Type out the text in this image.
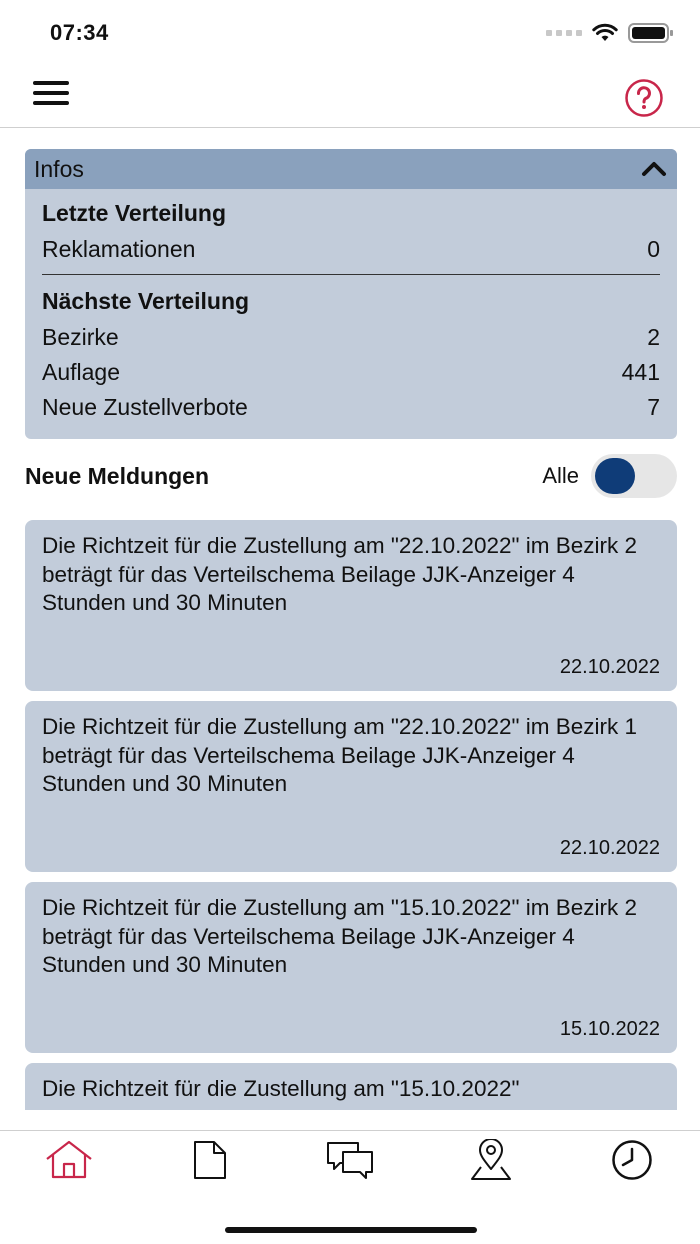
07:34
Infos
Letzte Verteilung
Reklamationen	0
Nächste Verteilung
Bezirke	2
Auflage	441
Neue Zustellverbote	7
Neue Meldungen	Alle
Die Richtzeit für die Zustellung am "22.10.2022" im Bezirk 2 beträgt für das Verteilschema Beilage JJK-Anzeiger 4 Stunden und 30 Minuten
22.10.2022
Die Richtzeit für die Zustellung am "22.10.2022" im Bezirk 1 beträgt für das Verteilschema Beilage JJK-Anzeiger 4 Stunden und 30 Minuten
22.10.2022
Die Richtzeit für die Zustellung am "15.10.2022" im Bezirk 2 beträgt für das Verteilschema Beilage JJK-Anzeiger 4 Stunden und 30 Minuten
15.10.2022
Die Richtzeit für die Zustellung am "15.10.2022"
